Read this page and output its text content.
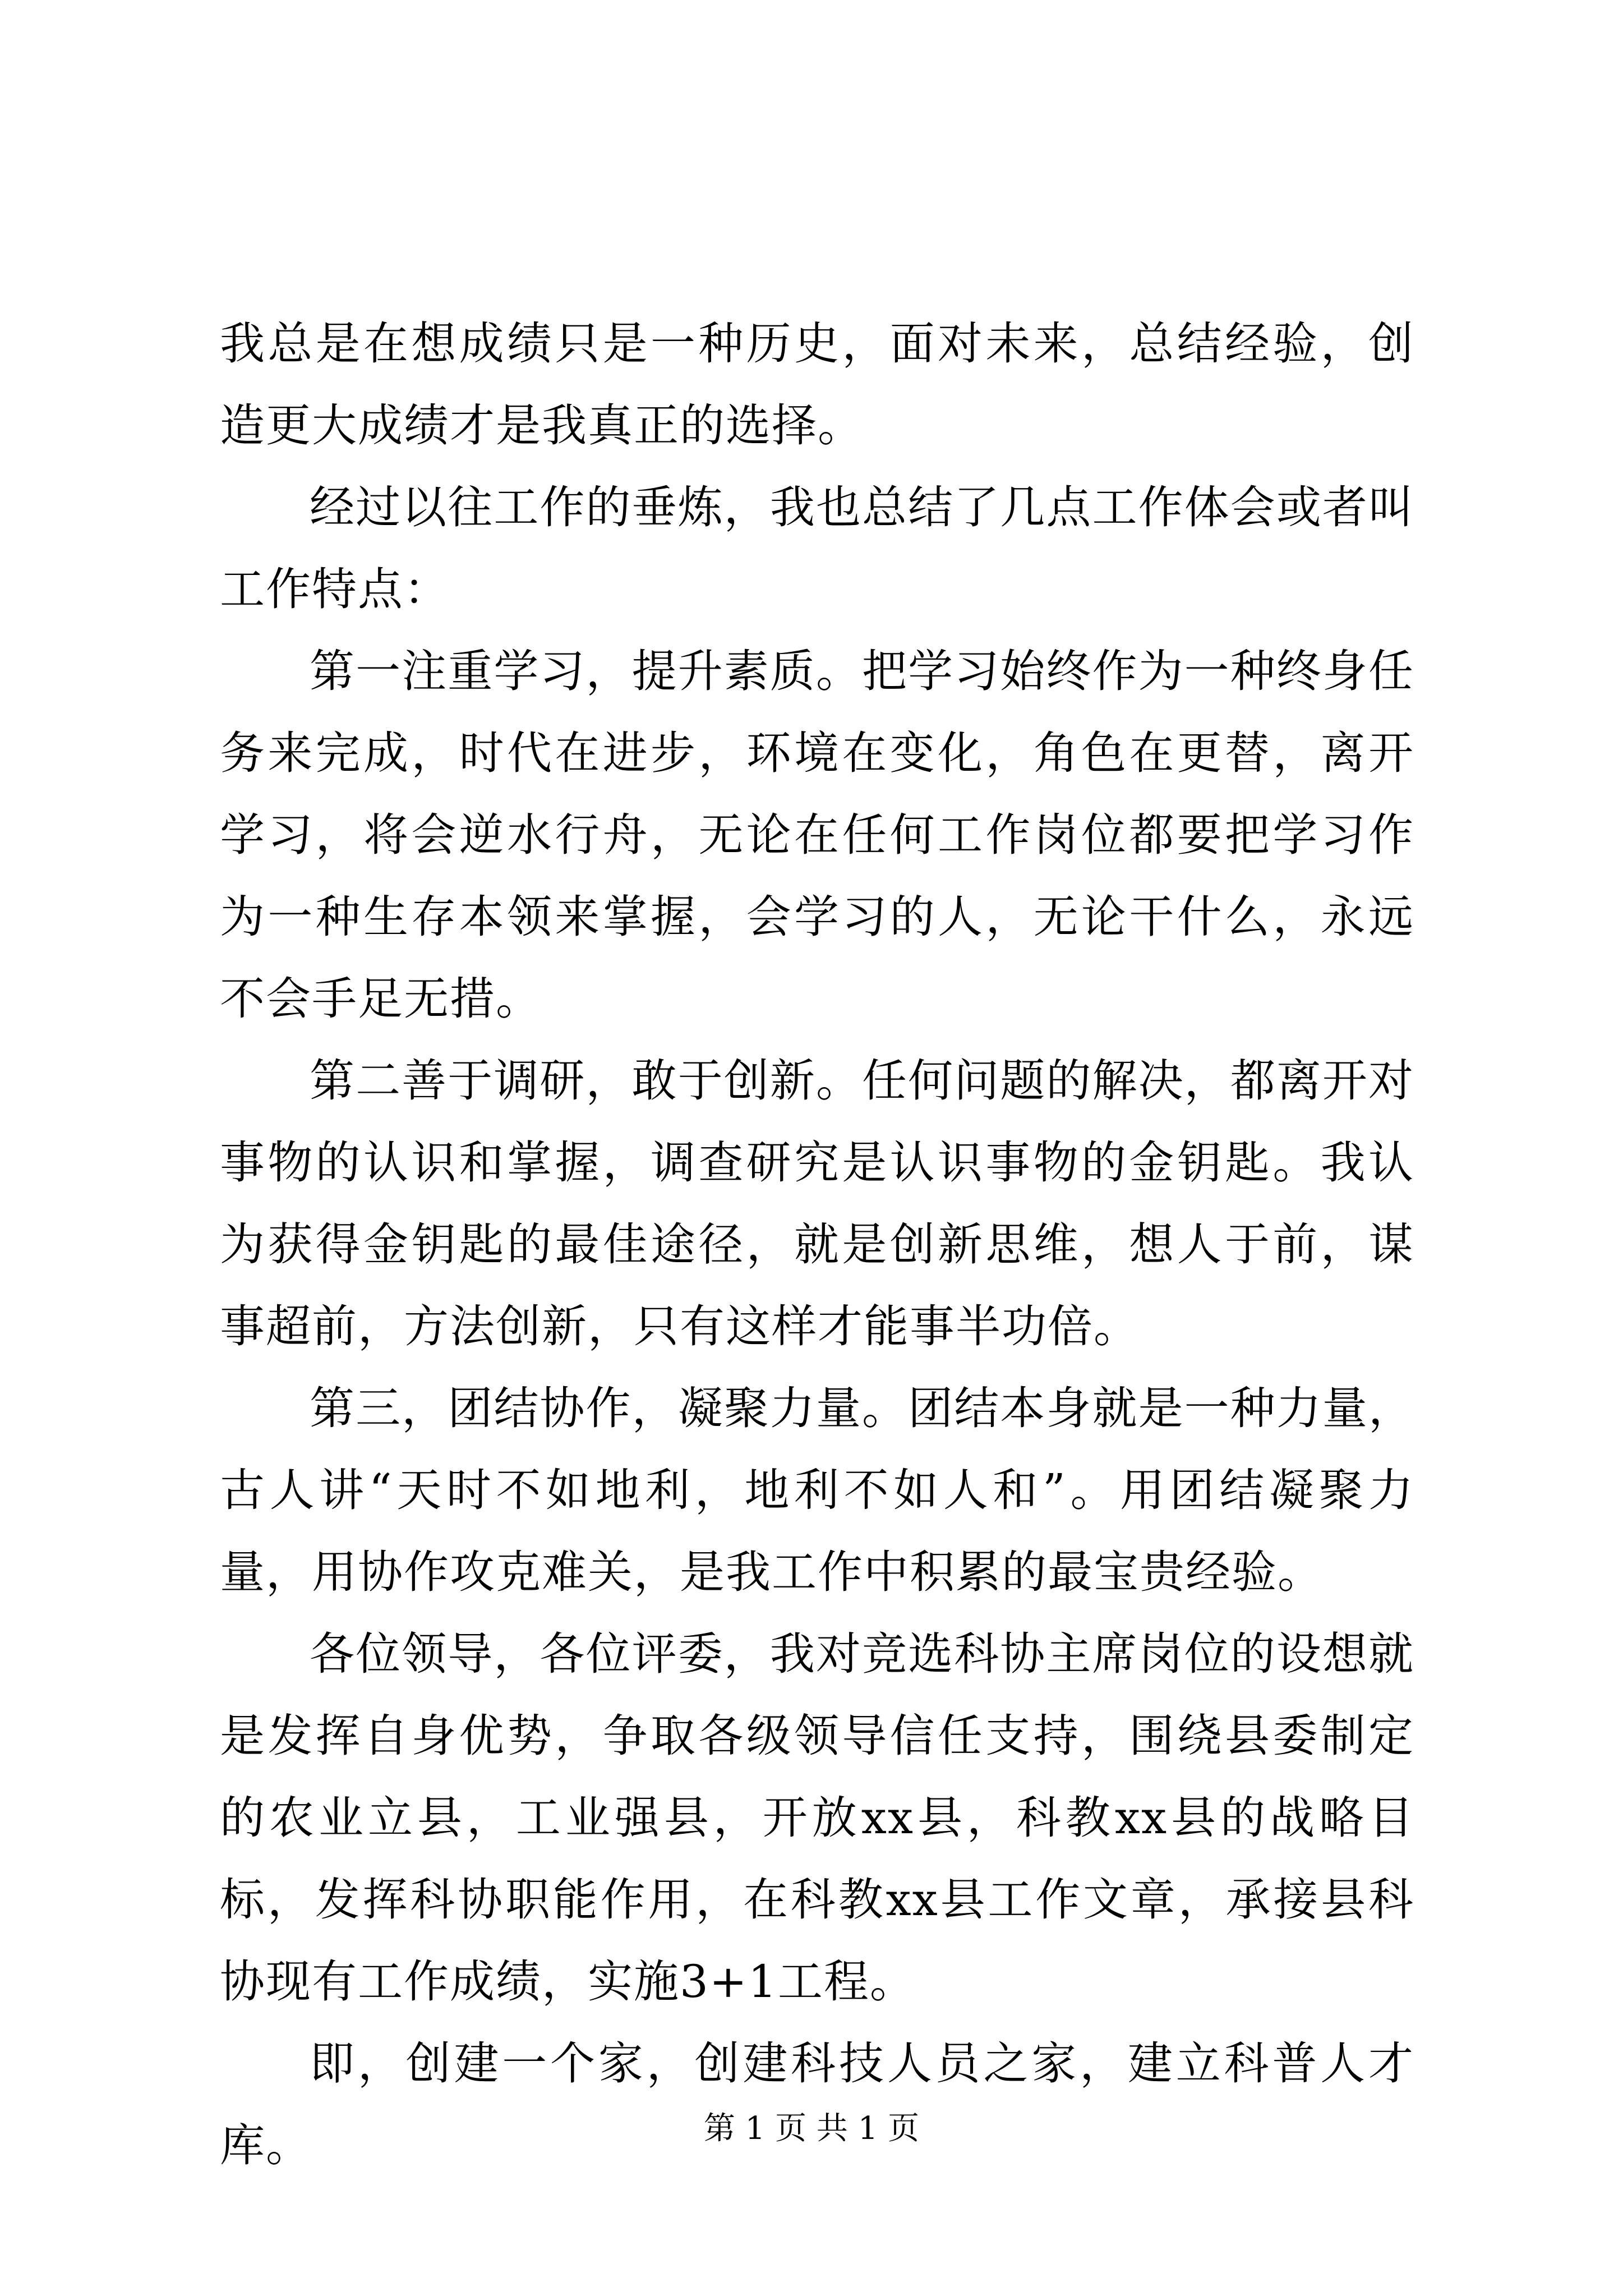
我总是在想成绩只是一种历史，面对未来，总结经验，创造更大成绩才是我真正的选择。

经过以往工作的垂炼，我也总结了几点工作体会或者叫工作特点：

第一注重学习，提升素质。把学习始终作为一种终身任务来完成，时代在进步，环境在变化，角色在更替，离开学习，将会逆水行舟，无论在任何工作岗位都要把学习作为一种生存本领来掌握，会学习的人，无论干什么，永远不会手足无措。

第二善于调研，敢于创新。任何问题的解决，都离开对事物的认识和掌握，调查研究是认识事物的金钥匙。我认为获得金钥匙的最佳途径，就是创新思维，想人于前，谋事超前，方法创新，只有这样才能事半功倍。

第三，团结协作，凝聚力量。团结本身就是一种力量，古人讲“天时不如地利，地利不如人和”。用团结凝聚力量，用协作攻克难关，是我工作中积累的最宝贵经验。

各位领导，各位评委，我对竞选科协主席岗位的设想就是发挥自身优势，争取各级领导信任支持，围绕县委制定的农业立县，工业强县，开放xx县，科教xx县的战略目标，发挥科协职能作用，在科教xx县工作文章，承接县科协现有工作成绩，实施3+1工程。

即，创建一个家，创建科技人员之家，建立科普人才库。	第 1 页 共 1 页
